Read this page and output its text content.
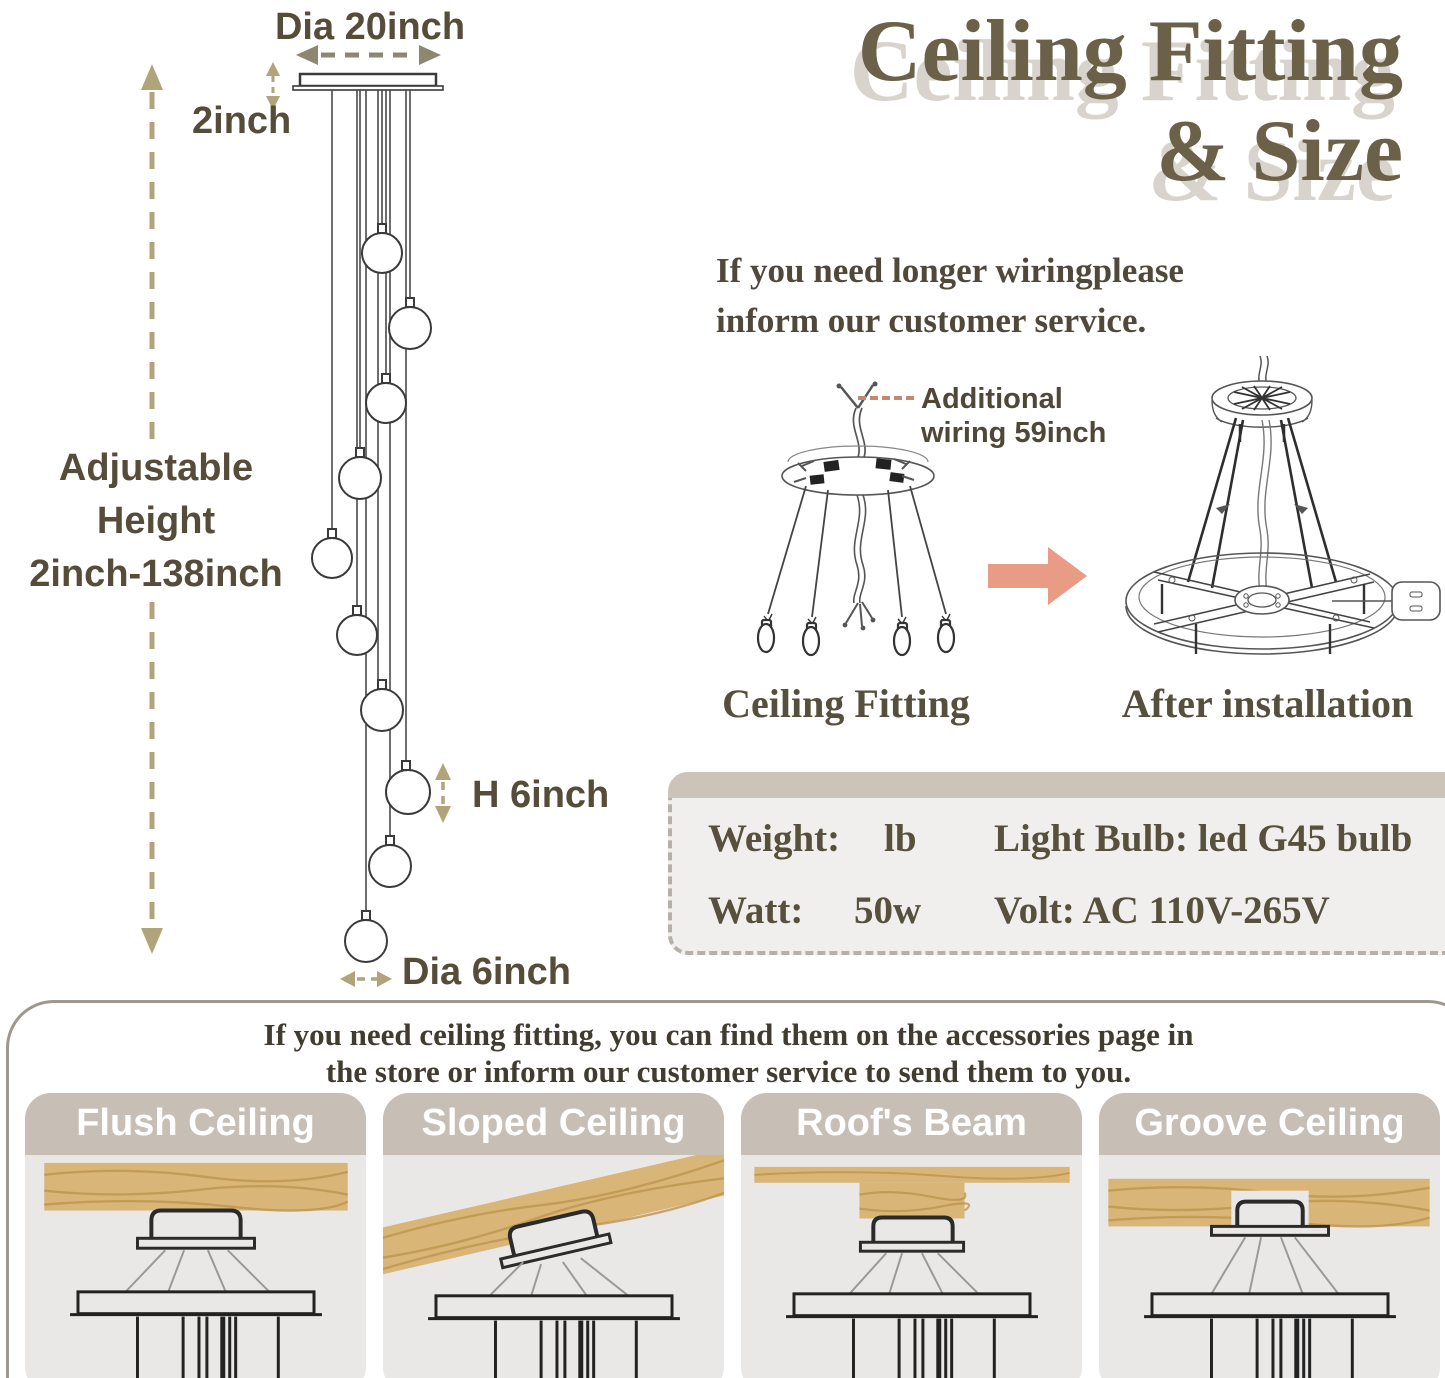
Dia 20inch
2inch
Adjustable
Height
2inch-138inch
H 6inch
Dia 6inch
Ceiling Fitting
& Size
If you need longer wiringplease
inform our customer service.
Additional
wiring 59inch
Ceiling Fitting	After installation
Weight: lb Light Bulb: led G45 bulb
Watt: 50w Volt: AC 110V-265V
If you need ceiling fitting, you can find them on the accessories page in
the store or inform our customer service to send them to you.
Flush Ceiling	Sloped Ceiling	Roof's Beam	Groove Ceiling
